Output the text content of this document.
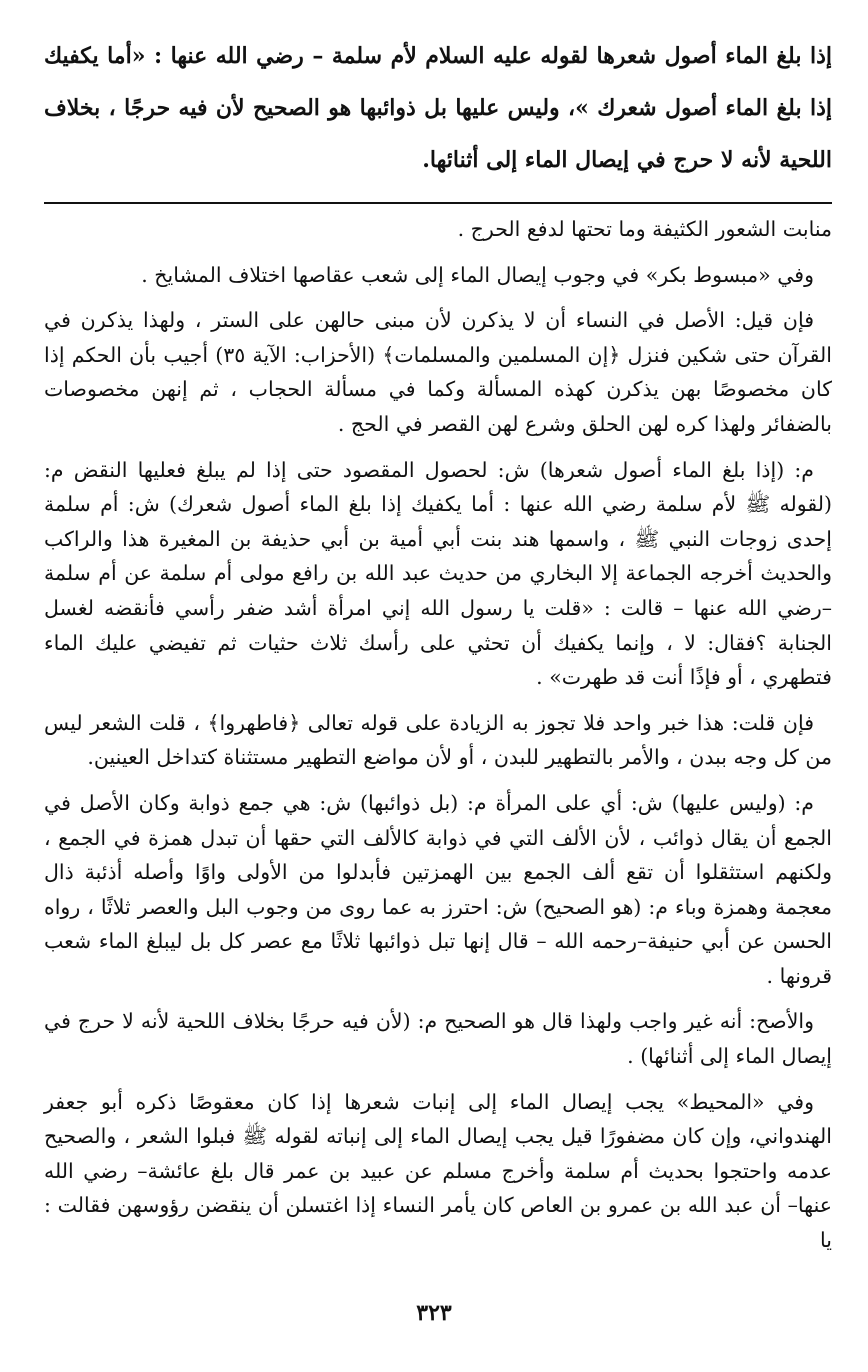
إذا بلغ الماء أصول شعرها لقوله عليه السلام لأم سلمة – رضي الله عنها : «أما يكفيك إذا بلغ الماء أصول شعرك »، وليس عليها بل ذوائبها هو الصحيح لأن فيه حرجًا ، بخلاف اللحية لأنه لا حرج في إيصال الماء إلى أثنائها.

منابت الشعور الكثيفة وما تحتها لدفع الحرج .

وفي «مبسوط بكر» في وجوب إيصال الماء إلى شعب عقاصها اختلاف المشايخ .

فإن قيل: الأصل في النساء أن لا يذكرن لأن مبنى حالهن على الستر ، ولهذا يذكرن في القرآن حتى شكين فنزل ﴿إن المسلمين والمسلمات﴾ (الأحزاب: الآية ٣٥) أجيب بأن الحكم إذا كان مخصوصًا بهن يذكرن كهذه المسألة وكما في مسألة الحجاب ، ثم إنهن مخصوصات بالضفائر ولهذا كره لهن الحلق وشرع لهن القصر في الحج .

م: (إذا بلغ الماء أصول شعرها) ش: لحصول المقصود حتى إذا لم يبلغ فعليها النقض م: (لقوله ﷺ لأم سلمة رضي الله عنها : أما يكفيك إذا بلغ الماء أصول شعرك) ش: أم سلمة إحدى زوجات النبي ﷺ ، واسمها هند بنت أبي أمية بن أبي حذيفة بن المغيرة هذا والراكب والحديث أخرجه الجماعة إلا البخاري من حديث عبد الله بن رافع مولى أم سلمة عن أم سلمة –رضي الله عنها – قالت : «قلت يا رسول الله إني امرأة أشد ضفر رأسي فأنقضه لغسل الجنابة ؟فقال: لا ، وإنما يكفيك أن تحثي على رأسك ثلاث حثيات ثم تفيضي عليك الماء فتطهري ، أو فإذًا أنت قد طهرت» .

فإن قلت: هذا خبر واحد فلا تجوز به الزيادة على قوله تعالى ﴿فاطهروا﴾ ، قلت الشعر ليس من كل وجه ببدن ، والأمر بالتطهير للبدن ، أو لأن مواضع التطهير مستثناة كتداخل العينين.

م: (وليس عليها) ش: أي على المرأة م: (بل ذوائبها) ش: هي جمع ذوابة وكان الأصل في الجمع أن يقال ذوائب ، لأن الألف التي في ذوابة كالألف التي حقها أن تبدل همزة في الجمع ، ولكنهم استثقلوا أن تقع ألف الجمع بين الهمزتين فأبدلوا من الأولى واوًا وأصله أذئبة ذال معجمة وهمزة وباء م: (هو الصحيح) ش: احترز به عما روى من وجوب البل والعصر ثلاثًا ، رواه الحسن عن أبي حنيفة–رحمه الله – قال إنها تبل ذوائبها ثلاثًا مع عصر كل بل ليبلغ الماء شعب قرونها .

والأصح: أنه غير واجب ولهذا قال هو الصحيح م: (لأن فيه حرجًا بخلاف اللحية لأنه لا حرج في إيصال الماء إلى أثنائها) .

وفي «المحيط» يجب إيصال الماء إلى إنبات شعرها إذا كان معقوصًا ذكره أبو جعفر الهندواني، وإن كان مضفورًا قيل يجب إيصال الماء إلى إنباته لقوله ﷺ فبلوا الشعر ، والصحيح عدمه واحتجوا بحديث أم سلمة وأخرج مسلم عن عبيد بن عمر قال بلغ عائشة– رضي الله عنها– أن عبد الله بن عمرو بن العاص كان يأمر النساء إذا اغتسلن أن ينقضن رؤوسهن فقالت : يا

٣٢٣
